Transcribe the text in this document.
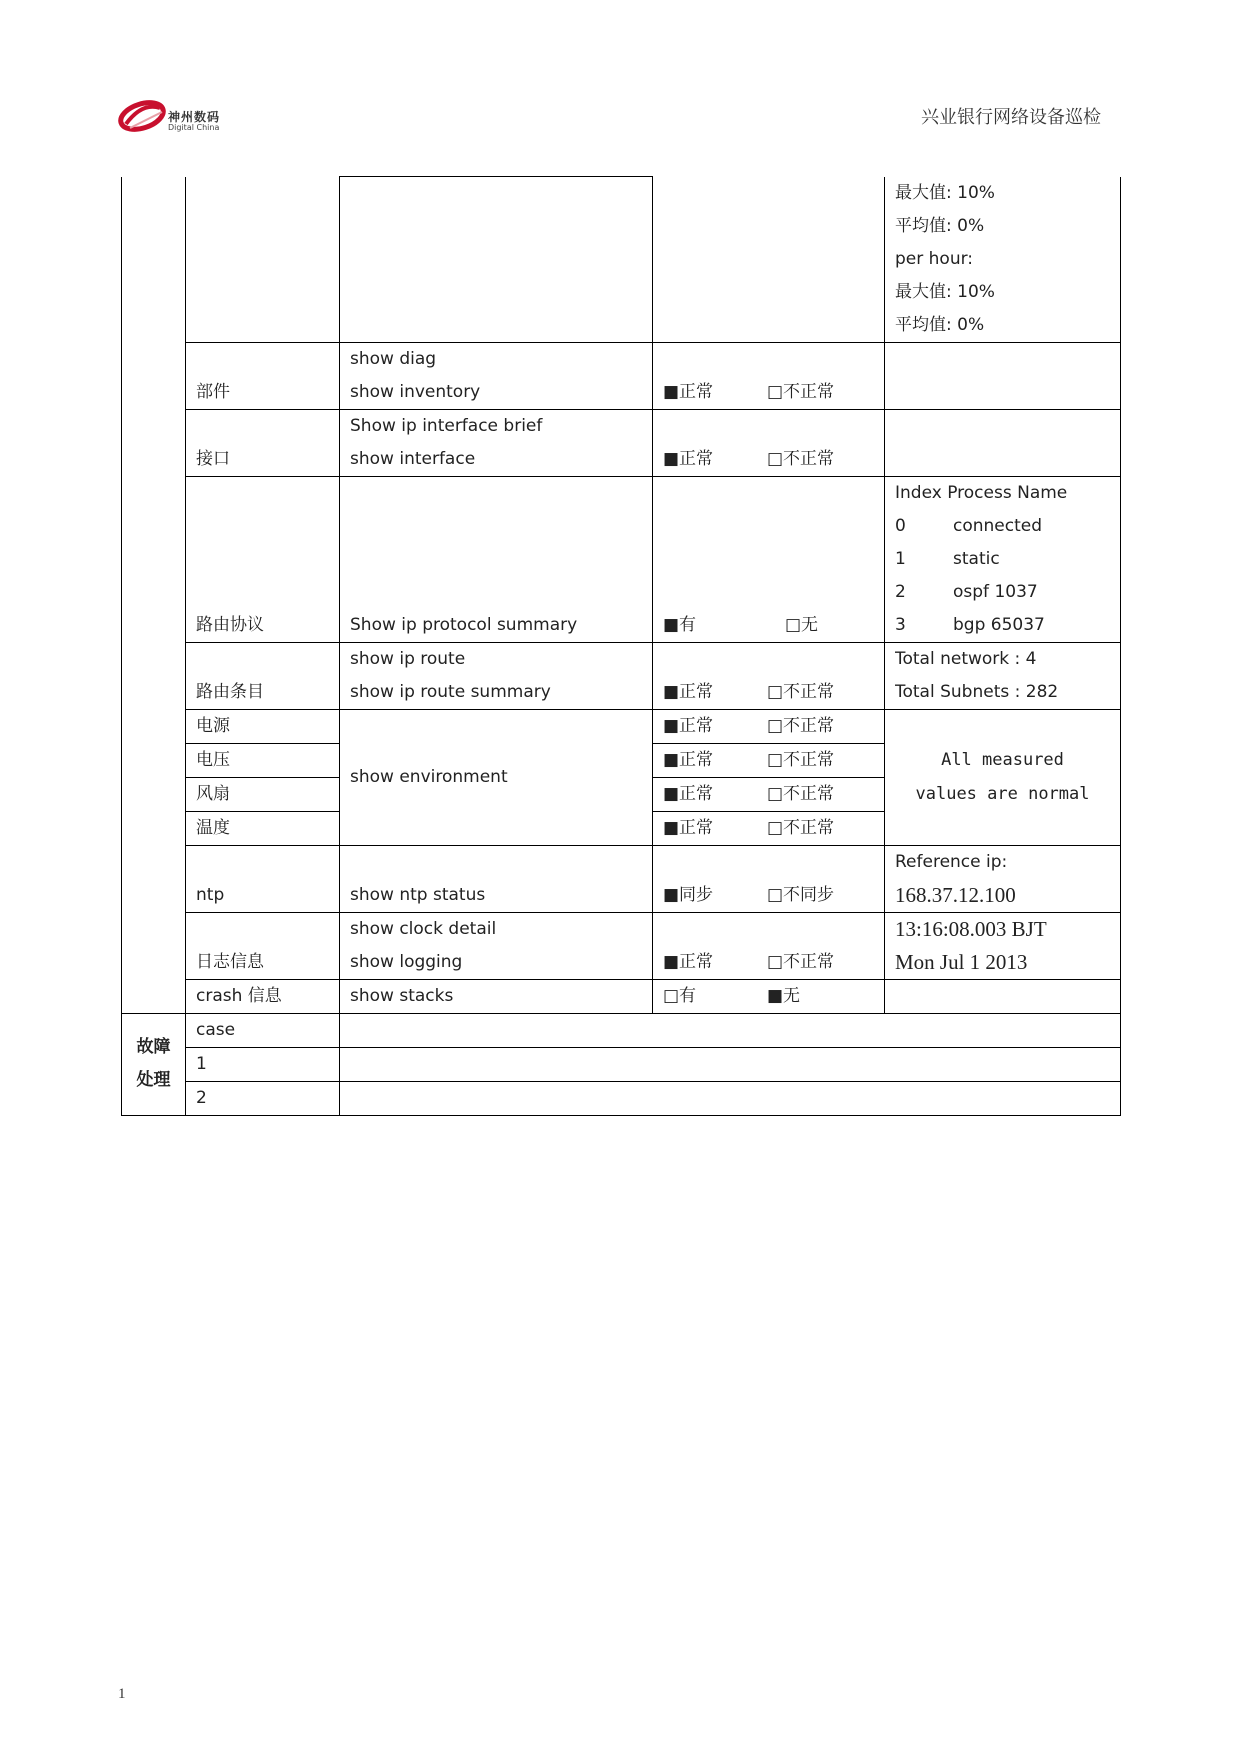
神州数码
Digital China	兴业银行网络设备巡检

				最大值: 10%
平均值: 0%
per hour:
最大值: 10%
平均值: 0%

	部件	show diag
show inventory	■正常 □不正常	

	接口	Show ip interface brief
show interface	■正常 □不正常	

	路由协议	Show ip protocol summary	■有 □无	Index Process Name
0 connected
1 static
2 ospf 1037
3 bgp 65037

	路由条目	show ip route
show ip route summary	■正常 □不正常	Total network : 4
Total Subnets : 282

	电源	show environment	■正常 □不正常	All measured
values are normal

	电压		■正常 □不正常	

	风扇		■正常 □不正常	

	温度		■正常 □不正常	

	ntp	show ntp status	■同步 □不同步	Reference ip:
168.37.12.100

	日志信息	show clock detail
show logging	■正常 □不正常	13:16:08.003 BJT
Mon Jul 1 2013

	crash 信息	show stacks	□有 ■无	

故障
处理	case			

	1			

	2			

1
